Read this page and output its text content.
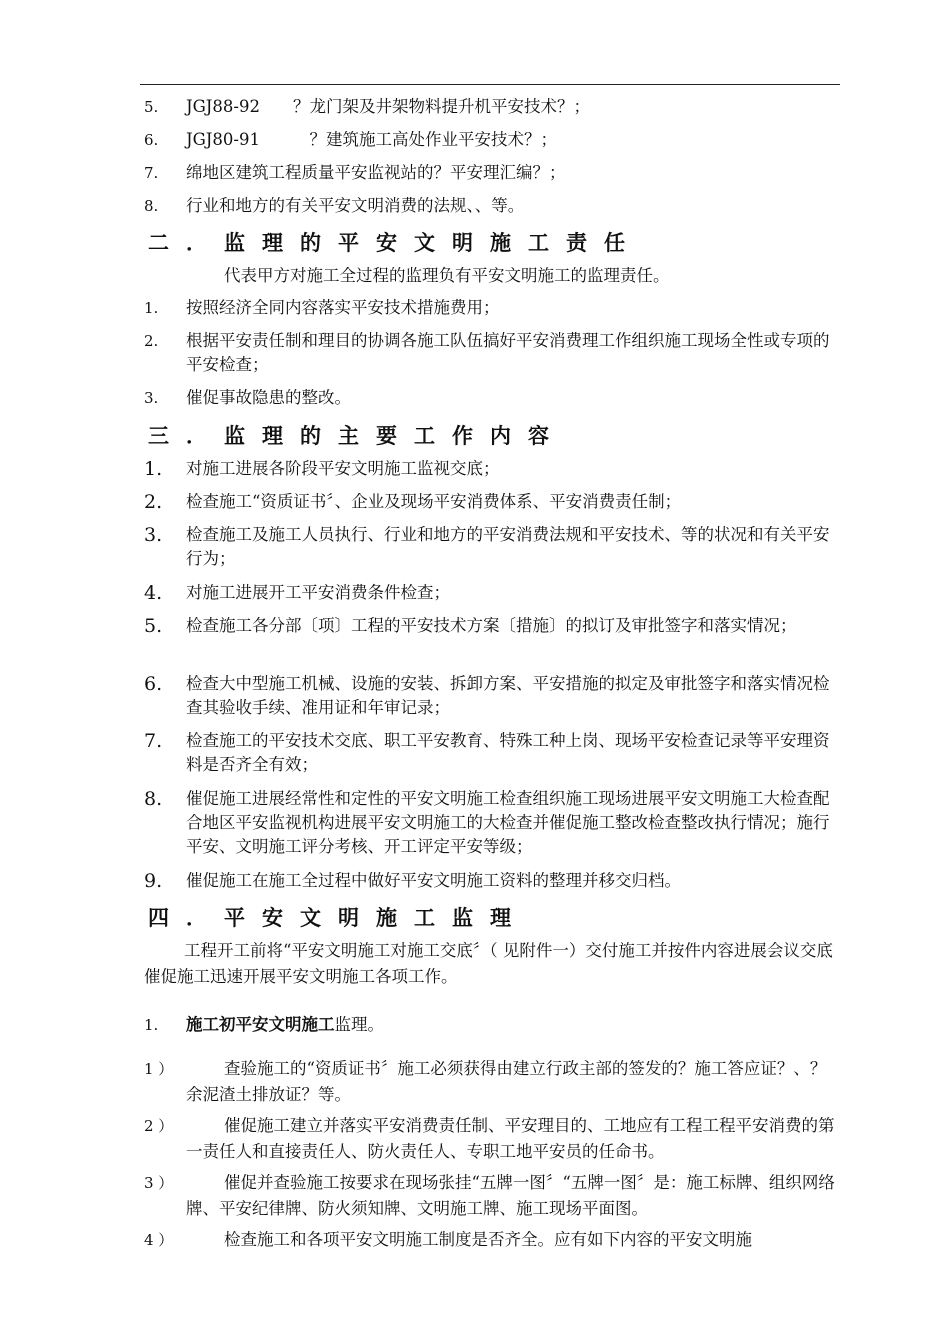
5. JGJ88-92　　？龙门架及井架物料提升机平安技术？；
6. JGJ80-91　　　？建筑施工高处作业平安技术？；
7. 绵地区建筑工程质量平安监视站的？平安理汇编？；
8. 行业和地方的有关平安文明消费的法规、、等。
二．监理的平安文明施工责任
代表甲方对施工全过程的监理负有平安文明施工的监理责任。
1. 按照经济全同内容落实平安技术措施费用；
2. 根据平安责任制和理目的协调各施工队伍搞好平安消费理工作组织施工现场全性或专项的平安检查；
3. 催促事故隐患的整改。
三．监理的主要工作内容
1. 对施工进展各阶段平安文明施工监视交底；
2. 检查施工“资质证书〞、企业及现场平安消费体系、平安消费责任制；
3. 检查施工及施工人员执行、行业和地方的平安消费法规和平安技术、等的状况和有关平安行为；
4. 对施工进展开工平安消费条件检查；
5. 检查施工各分部〔项〕工程的平安技术方案〔措施〕的拟订及审批签字和落实情况；
6. 检查大中型施工机械、设施的安装、拆卸方案、平安措施的拟定及审批签字和落实情况检查其验收手续、准用证和年审记录；
7. 检查施工的平安技术交底、职工平安教育、特殊工种上岗、现场平安检查记录等平安理资料是否齐全有效；
8. 催促施工进展经常性和定性的平安文明施工检查组织施工现场进展平安文明施工大检查配合地区平安监视机构进展平安文明施工的大检查并催促施工整改检查整改执行情况；施行平安、文明施工评分考核、开工评定平安等级；
9. 催促施工在施工全过程中做好平安文明施工资料的整理并移交归档。
四．平安文明施工监理
工程开工前将“平安文明施工对施工交底〞（ 见附件一）交付施工并按件内容进展会议交底催促施工迅速开展平安文明施工各项工作。
1. 施工初平安文明施工监理。
1 ）	查验施工的“资质证书〞施工必须获得由建立行政主部的签发的？施工答应证？、？余泥渣土排放证？等。
2 ）	催促施工建立并落实平安消费责任制、平安理目的、工地应有工程工程平安消费的第一责任人和直接责任人、防火责任人、专职工地平安员的任命书。
3 ）	催促并查验施工按要求在现场张挂“五牌一图〞“五牌一图〞是：施工标牌、组织网络牌、平安纪律牌、防火须知牌、文明施工牌、施工现场平面图。
4 ）	检查施工和各项平安文明施工制度是否齐全。应有如下内容的平安文明施
